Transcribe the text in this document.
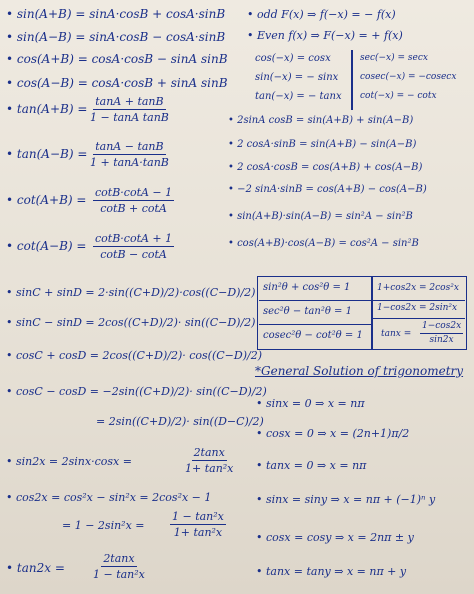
• sin(A+B) = sinA·cosB + cosA·sinB
• sin(A−B) = sinA·cosB − cosA·sinB
• cos(A+B) = cosA·cosB − sinA sinB
• cos(A−B) = cosA·cosB + sinA sinB
• $\tan(A+B) = \frac{\tan A + \tan B}{\text{1 − tanA tanB}}$
• $\tan(A-B) = \frac{\tan A - \tan B}{1 + \tan A\cdot\tan B}$
• $\cot(A+B) = \frac{\cot B\cdot\cot A - 1}{\cot B + \cot A}$
• $\cot(A-B) = \frac{\cot B\cdot\cot A + 1}{\cot B - \cot A}$
• sinC + sinD = 2·sin((C+D)/2)·cos((C−D)/2)
• sinC − sinD = 2cos((C+D)/2)· sin((C−D)/2)
• cosC + cosD = 2cos((C+D)/2)· cos((C−D)/2)
• cosC − cosD = −2sin((C+D)/2)· sin((C−D)/2)
= 2sin((C+D)/2)· sin((D−C)/2)
• sin2x = 2sinx·cosx =	$\frac{2\tan x}{\text{1+ tan²x}}$
• cos2x = cos²x − sin²x = 2cos²x − 1
= $1 - 2\sin^2x = \frac{\text{1 − tan²x}}{\text{1+ tan²x}}$
• tan2x =	$\frac{2\tan x}{\text{1 − tan²x}}$
• odd F(x) ⇒ f(−x) = − f(x)
• Even f(x) ⇒ F(−x) = + f(x)
cos(−x) = cosx
sin(−x) = − sinx
tan(−x) = − tanx
sec(−x) = secx
cosec(−x) = −cosecx
cot(−x) = − cotx
• 2sinA cosB = sin(A+B) + sin(A−B)
• 2 cosA·sinB = sin(A+B) − sin(A−B)
• 2 cosA·cosB = cos(A+B) + cos(A−B)
• −2 sinA·sinB = cos(A+B) − cos(A−B)
• sin(A+B)·sin(A−B) = sin²A − sin²B
• cos(A+B)·cos(A−B) = cos²A − sin²B
sin²θ + cos²θ = 1
sec²θ − tan²θ = 1
cosec²θ − cot²θ = 1
1+cos2x = 2cos²x
1−cos2x = 2sin²x
$\tan x = \frac{1-\cos 2x}{\sin 2x}$
*General Solution of trigonometry
• sinx = 0 ⇒ x = nπ
• cosx = 0 ⇒ x = (2n+1)π/2
• tanx = 0 ⇒ x = nπ
• sinx = siny ⇒ x = nπ + (−1)ⁿ y
• cosx = cosy ⇒ x = 2nπ ± y
• tanx = tany ⇒ x = nπ + y
